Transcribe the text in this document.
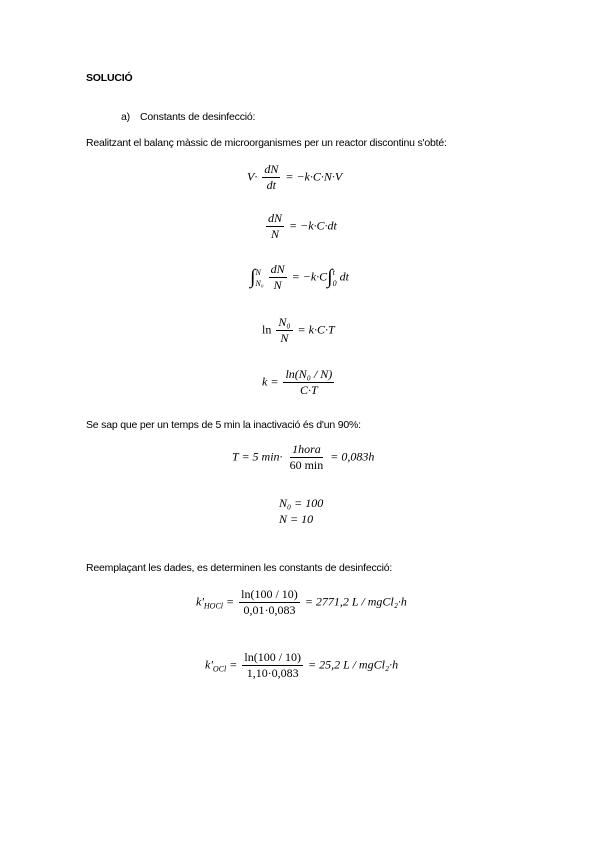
SOLUCIÓ
a) Constants de desinfecció:
Realitzant el balanç màssic de microorganismes per un reactor discontinu s'obté:
$V\cdot \frac{dN}{dt} = -k\cdot C\cdot N\cdot V$
$\frac{dN}{N} = -k\cdot C\cdot dt$
∫ N
N₀
$\frac{dN}{N} = -k\cdot C\int$ t
0 dt
$\ln \frac{\text{N₀}}{N} = k\cdot C\cdot T$
$k = \frac{\text{ln(N₀ / N)}}{C\cdot T}$
Se sap que per un temps de 5 min la inactivació és d'un 90%:
T = 5 $\min\cdot \frac{\text{1hora}}{60 \min} = 0,083h$
N₀ = 100
N = 10
Reemplaçant les dades, es determinen les constants de desinfecció:
$k'_{HOCl} = \frac{\ln(100 / 10)}{0,01\cdot 0,083} = 2771,2$ L / mgCl₂·h
$k'_{OCl} = \frac{\ln(100 / 10)}{1,10\cdot 0,083} = 25,2$ L / mgCl₂·h
